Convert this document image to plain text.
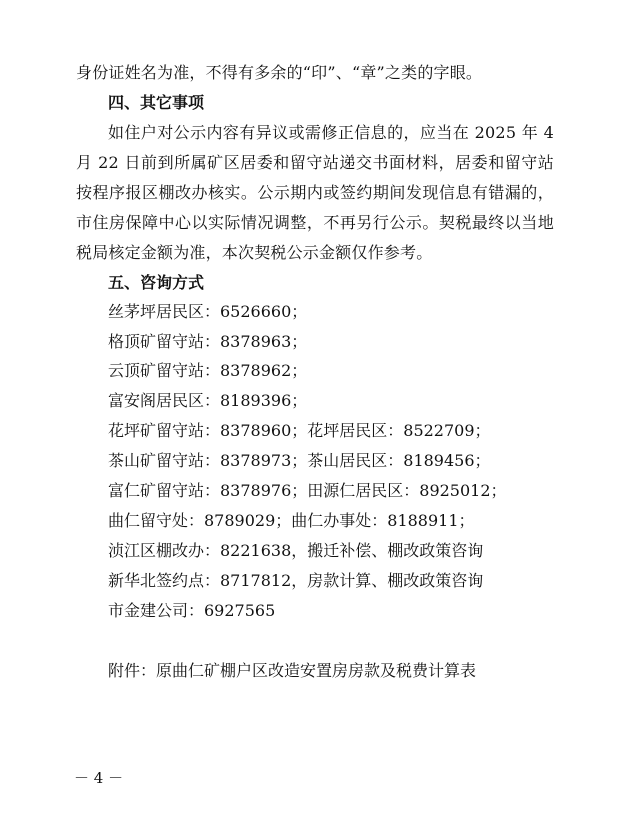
身份证姓名为准，不得有多余的“印”、“章”之类的字眼。
四、其它事项
如住户对公示内容有异议或需修正信息的，应当在 2025 年 4 月 22 日前到所属矿区居委和留守站递交书面材料，居委和留守站按程序报区棚改办核实。公示期内或签约期间发现信息有错漏的，市住房保障中心以实际情况调整，不再另行公示。契税最终以当地税局核定金额为准，本次契税公示金额仅作参考。
五、咨询方式
丝茅坪居民区：6526660；
格顶矿留守站：8378963；
云顶矿留守站：8378962；
富安阁居民区：8189396；
花坪矿留守站：8378960；花坪居民区：8522709；
茶山矿留守站：8378973；茶山居民区：8189456；
富仁矿留守站：8378976；田源仁居民区：8925012；
曲仁留守处：8789029；曲仁办事处：8188911；
浈江区棚改办：8221638，搬迁补偿、棚改政策咨询
新华北签约点：8717812，房款计算、棚改政策咨询
市金建公司：6927565
附件：原曲仁矿棚户区改造安置房房款及税费计算表
－ 4 －
